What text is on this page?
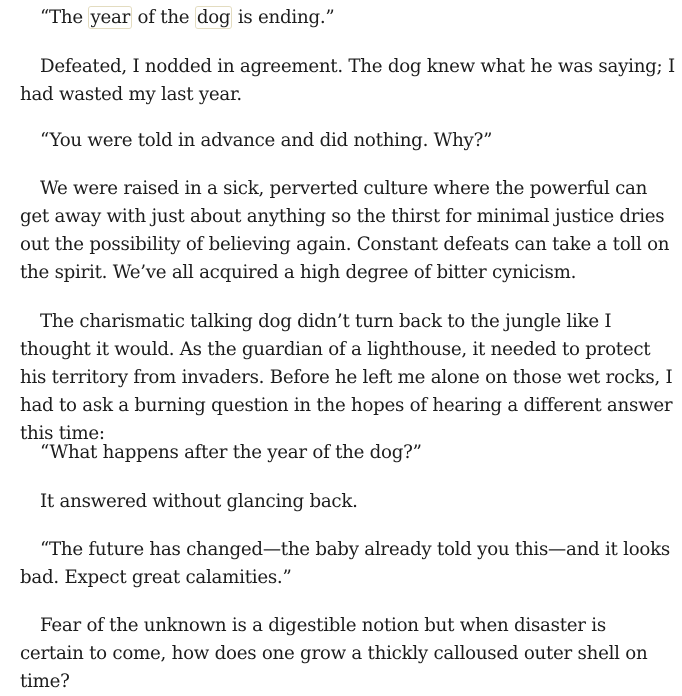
“The year of the dog is ending.”

Defeated, I nodded in agreement. The dog knew what he was saying; I had wasted my last year.

“You were told in advance and did nothing. Why?”

We were raised in a sick, perverted culture where the powerful can get away with just about anything so the thirst for minimal justice dries out the possibility of believing again. Constant defeats can take a toll on the spirit. We’ve all acquired a high degree of bitter cynicism.

The charismatic talking dog didn’t turn back to the jungle like I thought it would. As the guardian of a lighthouse, it needed to protect his territory from invaders. Before he left me alone on those wet rocks, I had to ask a burning question in the hopes of hearing a different answer this time:

“What happens after the year of the dog?”

It answered without glancing back.

“The future has changed—the baby already told you this—and it looks bad. Expect great calamities.”

Fear of the unknown is a digestible notion but when disaster is certain to come, how does one grow a thickly calloused outer shell on time?
